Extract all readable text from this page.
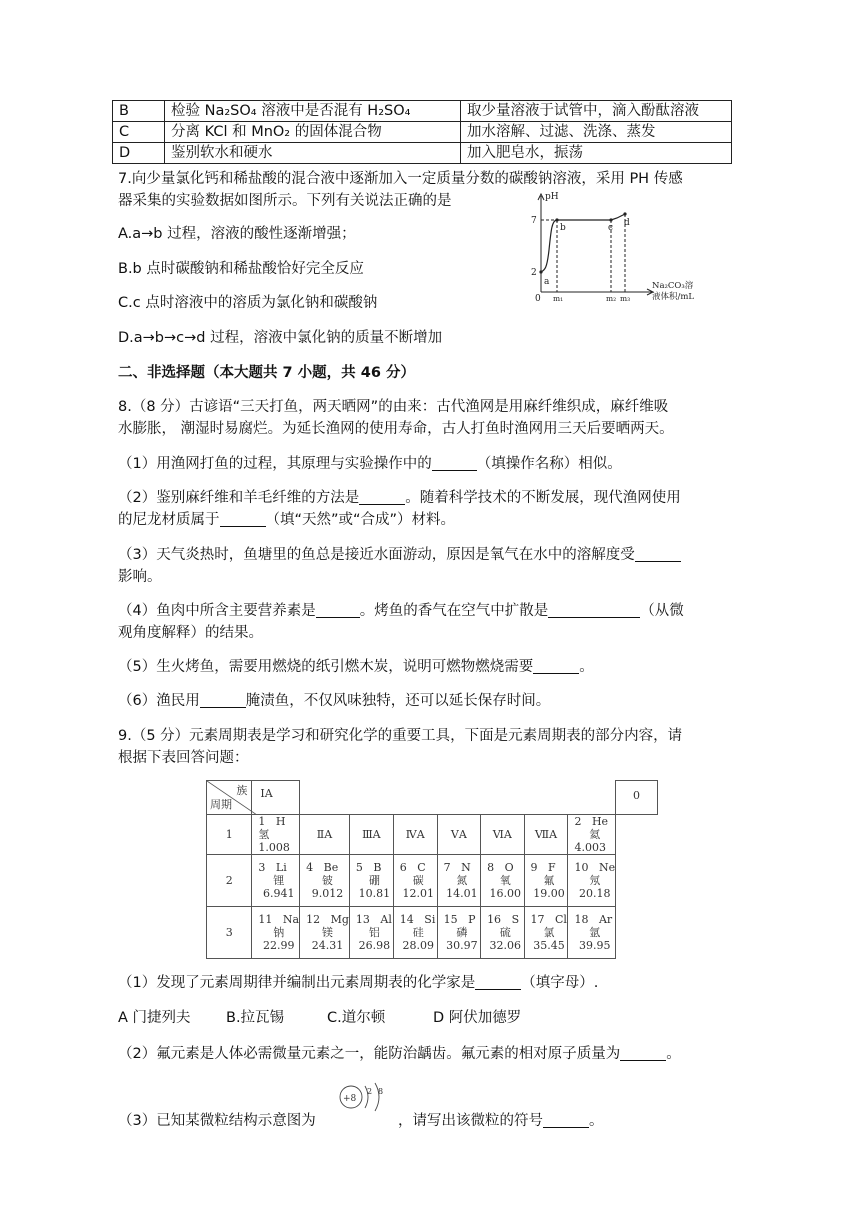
B	检验 Na₂SO₄ 溶液中是否混有 H₂SO₄	取少量溶液于试管中，滴入酚酞溶液
C	分离 KCl 和 MnO₂ 的固体混合物	加水溶解、过滤、洗涤、蒸发
D	鉴别软水和硬水	加入肥皂水，振荡
7.向少量氯化钙和稀盐酸的混合液中逐渐加入一定质量分数的碳酸钠溶液，采用 PH 传感
器采集的实验数据如图所示。下列有关说法正确的是
A.a→b 过程，溶液的酸性逐渐增强；
B.b 点时碳酸钠和稀盐酸恰好完全反应
C.c 点时溶液中的溶质为氯化钠和碳酸钠
D.a→b→c→d 过程，溶液中氯化钠的质量不断增加
pH
7
2
0 m₁	m₂ m₃
a
b	c d
Na₂CO₃溶
液体积/mL
二、非选择题（本大题共 7 小题，共 46 分）
8.（8 分）古谚语“三天打鱼，两天晒网”的由来：古代渔网是用麻纤维织成，麻纤维吸
水膨胀， 潮湿时易腐烂。为延长渔网的使用寿命，古人打鱼时渔网用三天后要晒两天。
（1）用渔网打鱼的过程，其原理与实验操作中的	（填操作名称）相似。
（2）鉴别麻纤维和羊毛纤维的方法是	。随着科学技术的不断发展，现代渔网使用
的尼龙材质属于	（填“天然”或“合成”）材料。
（3）天气炎热时，鱼塘里的鱼总是接近水面游动，原因是氧气在水中的溶解度受
影响。
（4）鱼肉中所含主要营养素是	。烤鱼的香气在空气中扩散是	（从微
观角度解释）的结果。
（5）生火烤鱼，需要用燃烧的纸引燃木炭，说明可燃物燃烧需要	。
（6）渔民用	腌渍鱼，不仅风味独特，还可以延长保存时间。
9.（5 分）元素周期表是学习和研究化学的重要工具，下面是元素周期表的部分内容，请
根据下表回答问题：
族
周期	ⅠA								0
1	1 H
氢
1.008	ⅡA	ⅢA	ⅣA	ⅤA	ⅥA	ⅦA	2 He
氦
4.003	

2	3 Li
锂
6.941	4 Be
铍
9.012	5 B
硼
10.81	6 C
碳
12.01	7 N
氮
14.01	8 O
氧
16.00	9 F
氟
19.00	10 Ne
氖
20.18	

3	11 Na
钠
22.99	12 Mg
镁
24.31	13 Al
铝
26.98	14 Si
硅
28.09	15 P
磷
30.97	16 S
硫
32.06	17 Cl
氯
35.45	18 Ar
氩
39.95	
（1）发现了元素周期律并编制出元素周期表的化学家是	（填字母）.
A 门捷列夫 B.拉瓦锡	C.道尔顿	D 阿伏加德罗
（2）氟元素是人体必需微量元素之一，能防治龋齿。氟元素的相对原子质量为	。
（3）已知某微粒结构示意图为
+8
2 8
，请写出该微粒的符号	。
